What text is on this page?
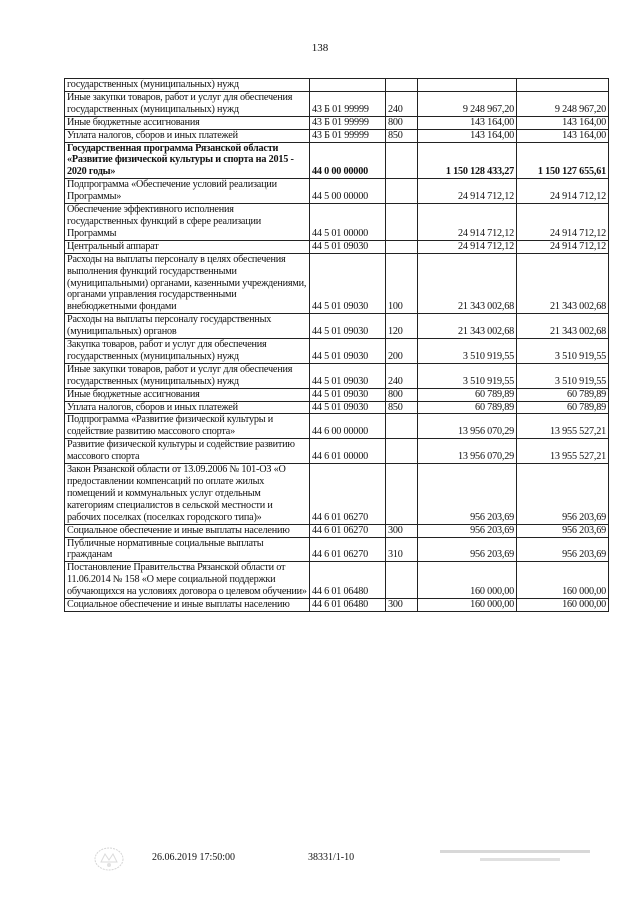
138
государственных (муниципальных) нужд				
Иные закупки товаров, работ и услуг для обеспечения государственных (муниципальных) нужд	43 Б 01 99999	240	9 248 967,20	9 248 967,20
Иные бюджетные ассигнования	43 Б 01 99999	800	143 164,00	143 164,00
Уплата налогов, сборов и иных платежей	43 Б 01 99999	850	143 164,00	143 164,00
Государственная программа Рязанской области «Развитие физической культуры и спорта на 2015 - 2020 годы»	44 0 00 00000		1 150 128 433,27	1 150 127 655,61
Подпрограмма «Обеспечение условий реализации Программы»	44 5 00 00000		24 914 712,12	24 914 712,12
Обеспечение эффективного исполнения государственных функций в сфере реализации Программы	44 5 01 00000		24 914 712,12	24 914 712,12
Центральный аппарат	44 5 01 09030		24 914 712,12	24 914 712,12
Расходы на выплаты персоналу в целях обеспечения выполнения функций государственными (муниципальными) органами, казенными учреждениями, органами управления государственными внебюджетными фондами	44 5 01 09030	100	21 343 002,68	21 343 002,68
Расходы на выплаты персоналу государственных (муниципальных) органов	44 5 01 09030	120	21 343 002,68	21 343 002,68
Закупка товаров, работ и услуг для обеспечения государственных (муниципальных) нужд	44 5 01 09030	200	3 510 919,55	3 510 919,55
Иные закупки товаров, работ и услуг для обеспечения государственных (муниципальных) нужд	44 5 01 09030	240	3 510 919,55	3 510 919,55
Иные бюджетные ассигнования	44 5 01 09030	800	60 789,89	60 789,89
Уплата налогов, сборов и иных платежей	44 5 01 09030	850	60 789,89	60 789,89
Подпрограмма «Развитие физической культуры и содействие развитию массового спорта»	44 6 00 00000		13 956 070,29	13 955 527,21
Развитие физической культуры и содействие развитию массового спорта	44 6 01 00000		13 956 070,29	13 955 527,21
Закон Рязанской области от 13.09.2006 № 101-ОЗ «О предоставлении компенсаций по оплате жилых помещений и коммунальных услуг отдельным категориям специалистов в сельской местности и рабочих поселках (поселках городского типа)»	44 6 01 06270		956 203,69	956 203,69
Социальное обеспечение и иные выплаты населению	44 6 01 06270	300	956 203,69	956 203,69
Публичные нормативные социальные выплаты гражданам	44 6 01 06270	310	956 203,69	956 203,69
Постановление Правительства Рязанской области от 11.06.2014 № 158 «О мере социальной поддержки обучающихся на условиях договора о целевом обучении»	44 6 01 06480		160 000,00	160 000,00
Социальное обеспечение и иные выплаты населению	44 6 01 06480	300	160 000,00	160 000,00
26.06.2019 17:50:00	38331/1-10
